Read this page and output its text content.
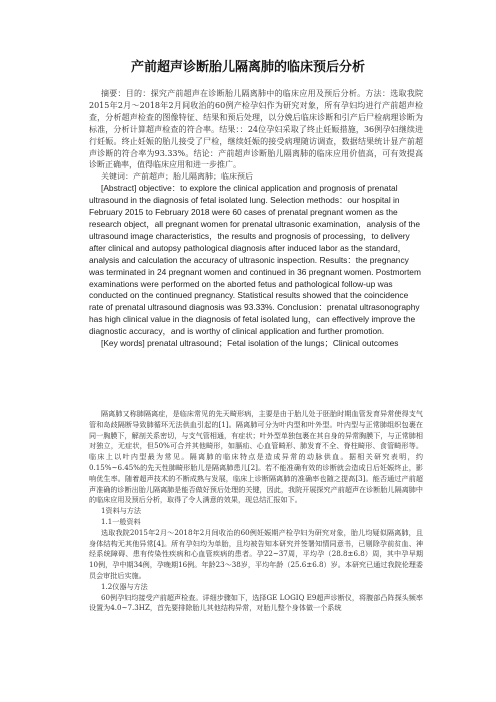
产前超声诊断胎儿隔离肺的临床预后分析

摘要：目的：探究产前超声在诊断胎儿隔离肺中的临床应用及预后分析。方法：选取我院2015年2月～2018年2月间收治的60例产检孕妇作为研究对象，所有孕妇均进行产前超声检查，分析超声检查的图像特征、结果和预后处理，以分娩后临床诊断和引产后尸检病理诊断为标准，分析计算超声检查的符合率。结果：：24位孕妇采取了终止妊娠措施，36例孕妇继续进行妊娠。终止妊娠的胎儿接受了尸检，继续妊娠的接受病理随访调查，数据结果统计显产前超声诊断的符合率为93.33%。结论：产前超声诊断胎儿隔离肺的临床应用价值高，可有效提高诊断正确率，值得临床应用和进一步推广。

关键词：产前超声；胎儿隔离肺；临床预后

[Abstract] objective：to explore the clinical application and prognosis of prenatal ultrasound in the diagnosis of fetal isolated lung. Selection methods：our hospital in February 2015 to February 2018 were 60 cases of prenatal pregnant women as the research object，all pregnant women for prenatal ultrasonic examination，analysis of the ultrasound image characteristics，the results and prognosis of processing，to delivery after clinical and autopsy pathological diagnosis after induced labor as the standard，analysis and calculation the accuracy of ultrasonic inspection. Results：the pregnancy was terminated in 24 pregnant women and continued in 36 pregnant women. Postmortem examinations were performed on the aborted fetus and pathological follow-up was conducted on the continued pregnancy. Statistical results showed that the coincidence rate of prenatal ultrasound diagnosis was 93.33%. Conclusion：prenatal ultrasonography has high clinical value in the diagnosis of fetal isolated lung，can effectively improve the diagnostic accuracy，and is worthy of clinical application and further promotion.

[Key words] prenatal ultrasound；Fetal isolation of the lungs；Clinical outcomes

隔离肺又称肺隔离症，是临床常见的先天畸形病，主要是由于胎儿处于胚胎时期血管发育异常使得支气管和岛歧隔断导致肺循环无法供血引起的[1]。隔离肺可分为叶内型和叶外型。叶内型与正常肺组织包裹在同一胸膜下，解剖关系密切，与支气管相通，有症状；叶外型单独包裹在其自身的异常胸膜下，与正常肺相对独立，无症状，但50%可合并其他畸形，如膈疝、心血管畸形、肺发育不全、脊柱畸形、食管畸形等。临床上以叶内型最为常见。隔离肺的临床特点是造成异常的动脉供血。据相关研究表明，约0.15%~6.45%的先天性肺畸形胎儿是隔离肺患儿[2]。若不能准确有效的诊断就会造成日后妊娠终止，影响优生率。随着超声技术的不断成熟与发展，临床上诊断隔离肺的准确率也随之提高[3]。能否通过产前超声准确的诊断出胎儿隔离肺是能否做好预后处理的关键，因此，我院开展探究产前超声在诊断胎儿隔离肺中的临床应用及预后分析，取得了令人满意的效果，现总结汇报如下。

1资料与方法

1.1一般资料

选取我院2015年2月～2018年2月间收治的60例妊娠期产检孕妇为研究对象，胎儿均疑似隔离肺，且身体结构无其他异常[4]。所有孕妇均为单胎，且均被告知本研究并签署知情同意书，已剔除孕前贫血、神经系统障碍、患有传染性疾病和心血管疾病的患者。孕22~37周，平均孕（28.8±6.8）周，其中孕早期10例，孕中期34例，孕晚期16例。年龄23～38岁，平均年龄（25.6±6.8）岁。本研究已通过我院伦理委员会审批后实施。

1.2仪器与方法

60例孕妇均接受产前超声检查。详细步骤如下，选择GE LOGIQ E9超声诊断仪，将腹部凸阵探头频率设置为4.0~7.3HZ，首先要排除胎儿其他结构异常，对胎儿整个身体做一个系统
